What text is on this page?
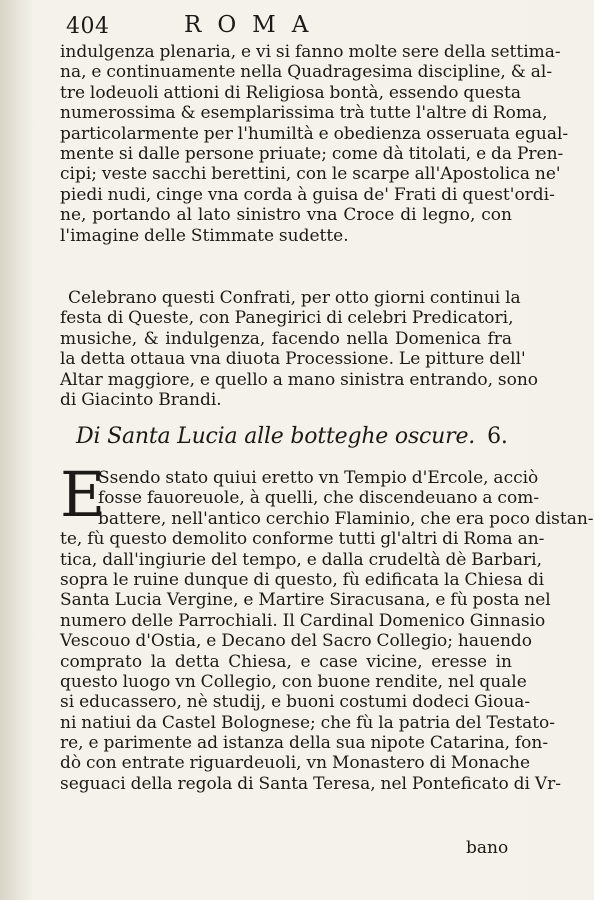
404	ROMA
indulgenza plenaria, e vi si fanno molte sere della settima-
na, e continuamente nella Quadragesima discipline, & al-
tre lodeuoli attioni di Religiosa bontà, essendo questa
numerossima & esemplarissima trà tutte l'altre di Roma,
particolarmente per l'humiltà e obedienza osseruata egual-
mente si dalle persone priuate; come dà titolati, e da Pren-
cipi; veste sacchi berettini, con le scarpe all'Apostolica ne'
piedi nudi, cinge vna corda à guisa de' Frati di quest'ordi-
ne, portando al lato sinistro vna Croce di legno, con
l'imagine delle Stimmate sudette.
Celebrano questi Confrati, per otto giorni continui la
festa di Queste, con Panegirici di celebri Predicatori,
musiche, & indulgenza, facendo nella Domenica fra
la detta ottaua vna diuota Processione. Le pitture dell'
Altar maggiore, e quello a mano sinistra entrando, sono
di Giacinto Brandi.
Di Santa Lucia alle botteghe oscure. 6.
E
Ssendo stato quiui eretto vn Tempio d'Ercole, acciò
fosse fauoreuole, à quelli, che discendeuano a com-
battere, nell'antico cerchio Flaminio, che era poco distan-
te, fù questo demolito conforme tutti gl'altri di Roma an-
tica, dall'ingiurie del tempo, e dalla crudeltà dè Barbari,
sopra le ruine dunque di questo, fù edificata la Chiesa di
Santa Lucia Vergine, e Martire Siracusana, e fù posta nel
numero delle Parrochiali. Il Cardinal Domenico Ginnasio
Vescouo d'Ostia, e Decano del Sacro Collegio; hauendo
comprato la detta Chiesa, e case vicine, eresse in
questo luogo vn Collegio, con buone rendite, nel quale
si educassero, nè studij, e buoni costumi dodeci Gioua-
ni natiui da Castel Bolognese; che fù la patria del Testato-
re, e parimente ad istanza della sua nipote Catarina, fon-
dò con entrate riguardeuoli, vn Monastero di Monache
seguaci della regola di Santa Teresa, nel Ponteficato di Vr-
bano
